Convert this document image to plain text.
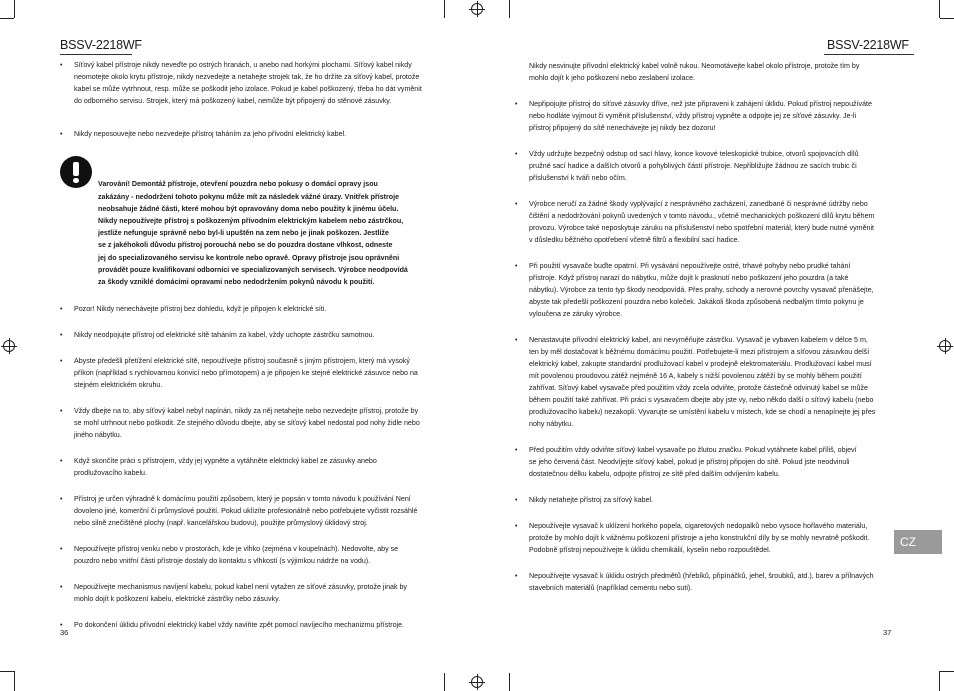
BSSV-2218WF

• Síťový kabel přístroje nikdy neveďte po ostrých hranách, u anebo nad horkými plochami. Síťový kabel nikdy
neomotejte okolo krytu přístroje, nikdy nezvedejte a netahejte strojek tak, že ho držíte za síťový kabel, protože
kabel se může vytrhnout, resp. může se poškodit jeho izolace. Pokud je kabel poškozený, třeba ho dát vyměnit
do odborného servisu. Strojek, který má poškozený kabel, nemůže být připojený do stěnové zásuvky.

• Nikdy neposouvejte nebo nezvedejte přístroj taháním za jeho přívodní elektrický kabel.

Varování! Demontáž přístroje, otevření pouzdra nebo pokusy o domácí opravy jsou
zakázány - nedodržení tohoto pokynu může mít za následek vážné úrazy. Vnitřek přístroje
neobsahuje žádné části, které mohou být opravovány doma nebo použity k jinému účelu.
Nikdy nepoužívejte přístroj s poškozeným přívodním elektrickým kabelem nebo zástrčkou,
jestliže nefunguje správně nebo byl-li upuštěn na zem nebo je jinak poškozen. Jestliže
se z jakéhokoli důvodu přístroj porouchá nebo se do pouzdra dostane vlhkost, odneste
jej do specializovaného servisu ke kontrole nebo opravě. Opravy přístroje jsou oprávněni
provádět pouze kvalifikovaní odborníci ve specializovaných servisech. Výrobce neodpovídá
za škody vzniklé domácími opravami nebo nedodržením pokynů návodu k použití.

• Pozor! Nikdy nenechávejte přístroj bez dohledu, když je připojen k elektrické síti.

• Nikdy neodpojujte přístroj od elektrické sítě taháním za kabel, vždy uchopte zástrčku samotnou.

• Abyste předešli přetížení elektrické sítě, nepoužívejte přístroj současně s jiným přístrojem, který má vysoký
příkon (například s rychlovarnou konvicí nebo přímotopem) a je připojen ke stejné elektrické zásuvce nebo na
stejném elektrickém okruhu.

• Vždy dbejte na to, aby síťový kabel nebyl napínán, nikdy za něj netahejte nebo nezvedejte přístroj, protože by
se mohl utrhnout nebo poškodit. Ze stejného důvodu dbejte, aby se síťový kabel nedostal pod nohy židle nebo
jiného nábytku.

• Když skončíte práci s přístrojem, vždy jej vypněte a vytáhněte elektrický kabel ze zásuvky anebo
prodlužovacího kabelu.

• Přístroj je určen výhradně k domácímu použití způsobem, který je popsán v tomto návodu k používání Není
dovoleno jiné, komerční či průmyslové použití. Pokud uklízíte profesionálně nebo potřebujete vyčistit rozsáhlé
nebo silně znečištěné plochy (např. kancelářskou budovu), použijte průmyslový úklidový stroj.

• Nepoužívejte přístroj venku nebo v prostorách, kde je vlhko (zejména v koupelnách). Nedovolte, aby se
pouzdro nebo vnitřní části přístroje dostaly do kontaktu s vlhkostí (s výjimkou nádrže na vodu).

• Nepoužívejte mechanismus navíjení kabelu, pokud kabel není vytažen ze síťové zásuvky, protože jinak by
mohlo dojít k poškození kabelu, elektrické zástrčky nebo zásuvky.

• Po dokončení úklidu přívodní elektrický kabel vždy naviňte zpět pomocí navíjecího mechanizmu přístroje.

36
BSSV-2218WF

Nikdy nesvinujte přívodní elektrický kabel volně rukou. Neomotávejte kabel okolo přístroje, protože tím by
mohlo dojít k jeho poškození nebo zeslabení izolace.

• Nepřipojujte přístroj do síťové zásuvky dříve, než jste připraveni k zahájení úklidu. Pokud přístroj nepoužíváte
nebo hodláte vyjmout či vyměnit příslušenství, vždy přístroj vypněte a odpojte jej ze síťové zásuvky. Je-li
přístroj připojený do sítě nenechávejte jej nikdy bez dozoru!

• Vždy udržujte bezpečný odstup od sací hlavy, konce kovové teleskopické trubice, otvorů spojovacích dílů
pružné sací hadice a dalších otvorů a pohyblivých částí přístroje. Nepřibližujte žádnou ze sacích trubic či
příslušenství k tváři nebo očím.

• Výrobce neručí za žádné škody vyplývající z nesprávného zacházení, zanedbané či nesprávné údržby nebo
čištění a nedodržování pokynů uvedených v tomto návodu., včetně mechanických poškození dílů krytu během
provozu. Výrobce také neposkytuje záruku na příslušenství nebo spotřební materiál, který bude nutné vyměnit
v důsledku běžného opotřebení včetně filtrů a flexibilní sací hadice.

• Při použití vysavače buďte opatrní. Při vysávání nepoužívejte ostré, trhavé pohyby nebo prudké tahání
přístroje. Když přístroj narazí do nábytku, může dojít k prasknutí nebo poškození jeho pouzdra (a také
nábytku). Výrobce za tento typ škody neodpovídá. Přes prahy, schody a nerovné povrchy vysavač přenášejte,
abyste tak předešli poškození pouzdra nebo koleček. Jakákoli škoda způsobená nedbalým tímto pokynu je
vyloučena ze záruky výrobce.

• Nenastavujte přívodní elektrický kabel, ani nevyměňujte zástrčku. Vysavač je vybaven kabelem v délce 5 m,
ten by měl dostačovat k běžnému domácímu použití. Potřebujete-li mezi přístrojem a síťovou zásuvkou delší
elektrický kabel, zakupte standardní prodlužovací kabel v prodejně elektromateriálu. Prodlužovací kabel musí
mít povolenou proudovou zátěž nejméně 16 A, kabely s nižší povolenou zátěží by se mohly během použití
zahřívat. Síťový kabel vysavače před použitím vždy zcela odviňte, protože částečně odvinutý kabel se může
během použití také zahřívat. Při práci s vysavačem dbejte aby jste vy, nebo někdo další o síťový kabelu (nebo
prodlužovacího kabelu) nezakopli. Vyvarujte se umístění kabelu v místech, kde se chodí a nenapínejte jej přes
nohy nábytku.

• Před použitím vždy odviňte síťový kabel vysavače po žlutou značku. Pokud vytáhnete kabel příliš, objeví
se jeho červená část. Neodvíjejte síťový kabel, pokud je přístroj připojen do sítě. Pokud jste neodvinuli
dostatečnou délku kabelu, odpojte přístroj ze sítě před dalším odvíjením kabelu.

• Nikdy netahejte přístroj za síťový kabel.

• Nepoužívejte vysavač k uklízení horkého popela, cigaretových nedopalků nebo vysoce hořlavého materiálu,
protože by mohlo dojít k vážnému poškození přístroje a jeho konstrukční díly by se mohly nevratně poškodit.
Podobně přístroj nepoužívejte k úklidu chemikálií, kyselin nebo rozpouštědel.

• Nepoužívejte vysavač k úklidu ostrých předmětů (hřebíků, připínáčků, jehel, šroubků, atd.), barev a přílnavých
stavebních materiálů (například cementu nebo suti).

37
CZ
